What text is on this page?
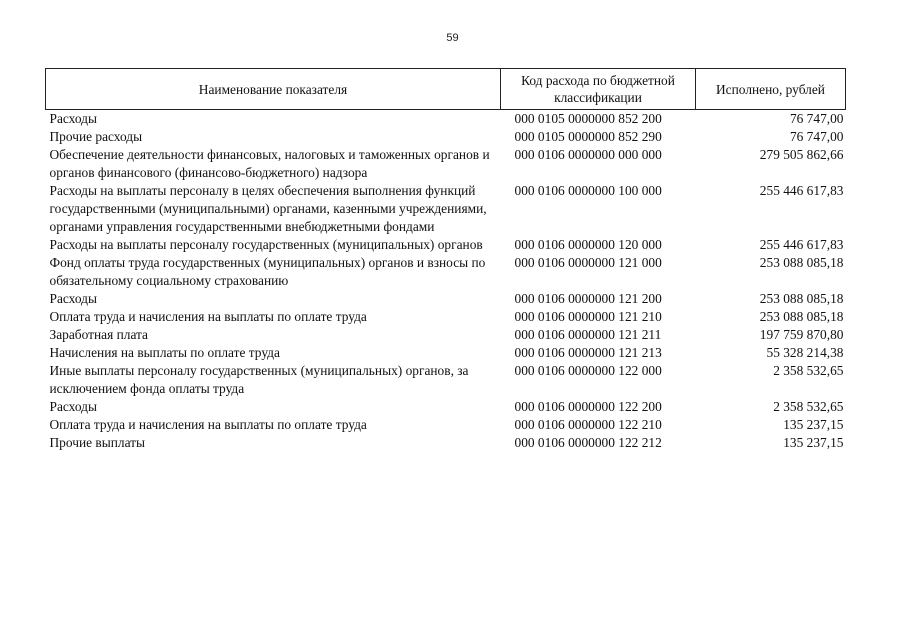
59
Наименование показателя	Код расхода по бюджетной классификации	Исполнено, рублей
Расходы	000 0105 0000000 852 200	76 747,00
Прочие расходы	000 0105 0000000 852 290	76 747,00
Обеспечение деятельности финансовых, налоговых и таможенных органов и органов финансового (финансово-бюджетного) надзора	000 0106 0000000 000 000	279 505 862,66
Расходы на выплаты персоналу в целях обеспечения выполнения функций государственными (муниципальными) органами, казенными учреждениями, органами управления государственными внебюджетными фондами	000 0106 0000000 100 000	255 446 617,83
Расходы на выплаты персоналу государственных (муниципальных) органов	000 0106 0000000 120 000	255 446 617,83
Фонд оплаты труда государственных (муниципальных) органов и взносы по обязательному социальному страхованию	000 0106 0000000 121 000	253 088 085,18
Расходы	000 0106 0000000 121 200	253 088 085,18
Оплата труда и начисления на выплаты по оплате труда	000 0106 0000000 121 210	253 088 085,18
Заработная плата	000 0106 0000000 121 211	197 759 870,80
Начисления на выплаты по оплате труда	000 0106 0000000 121 213	55 328 214,38
Иные выплаты персоналу государственных (муниципальных) органов, за исключением фонда оплаты труда	000 0106 0000000 122 000	2 358 532,65
Расходы	000 0106 0000000 122 200	2 358 532,65
Оплата труда и начисления на выплаты по оплате труда	000 0106 0000000 122 210	135 237,15
Прочие выплаты	000 0106 0000000 122 212	135 237,15
